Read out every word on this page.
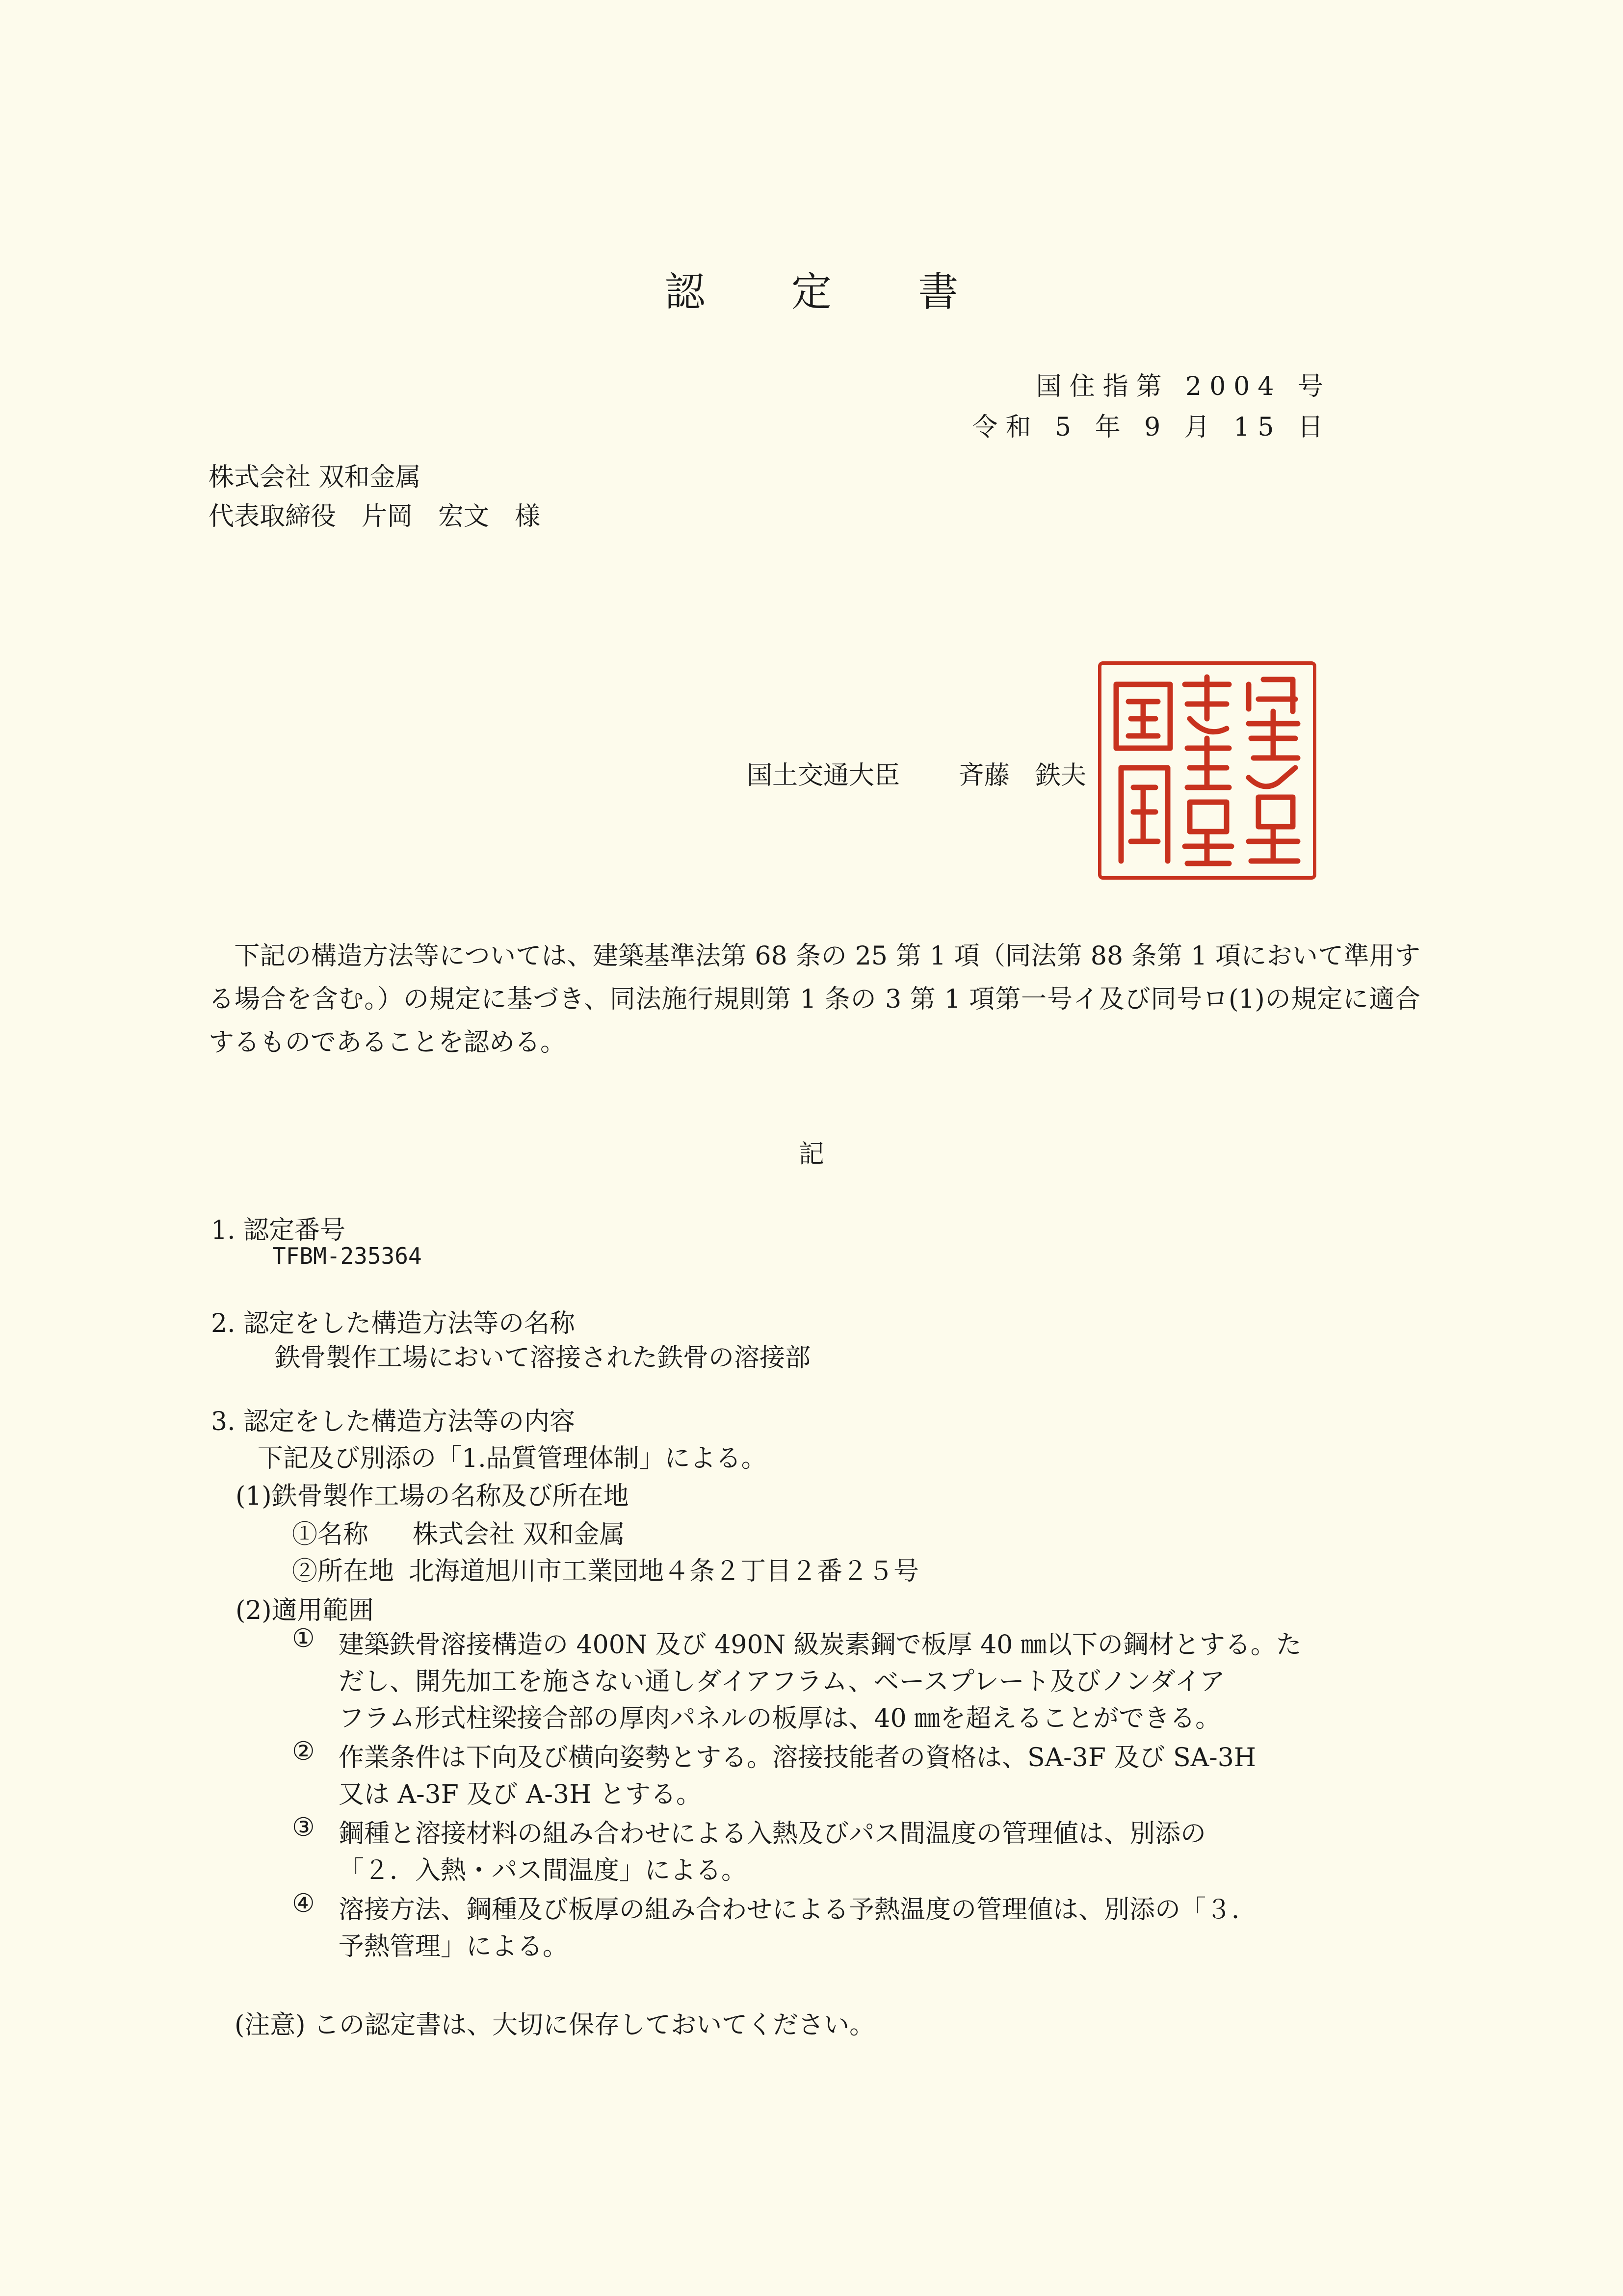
認 定 書
国住指第 2004 号
令和 5 年 9 月 15 日
株式会社 双和金属
代表取締役　片岡　宏文　様
国土交通大臣 斉藤　鉄夫
下記の構造方法等については、建築基準法第 68 条の 25 第 1 項（同法第 88 条第 1 項において準用する場合を含む。）の規定に基づき、同法施行規則第 1 条の 3 第 1 項第一号イ及び同号ロ(1)の規定に適合するものであることを認める。
記
1. 認定番号
TFBM-235364
2. 認定をした構造方法等の名称
鉄骨製作工場において溶接された鉄骨の溶接部
3. 認定をした構造方法等の内容
下記及び別添の「1.品質管理体制」による。
(1)鉄骨製作工場の名称及び所在地
①名称 株式会社 双和金属
②所在地 北海道旭川市工業団地４条２丁目２番２５号
(2)適用範囲
① 建築鉄骨溶接構造の 400N 及び 490N 級炭素鋼で板厚 40 ㎜以下の鋼材とする。た
だし、開先加工を施さない通しダイアフラム、ベースプレート及びノンダイア
フラム形式柱梁接合部の厚肉パネルの板厚は、40 ㎜を超えることができる。
② 作業条件は下向及び横向姿勢とする。溶接技能者の資格は、SA-3F 及び SA-3H
又は A-3F 及び A-3H とする。
③ 鋼種と溶接材料の組み合わせによる入熱及びパス間温度の管理値は、別添の
「２．入熱・パス間温度」による。
④ 溶接方法、鋼種及び板厚の組み合わせによる予熱温度の管理値は、別添の「３．
予熱管理」による。
(注意) この認定書は、大切に保存しておいてください。
